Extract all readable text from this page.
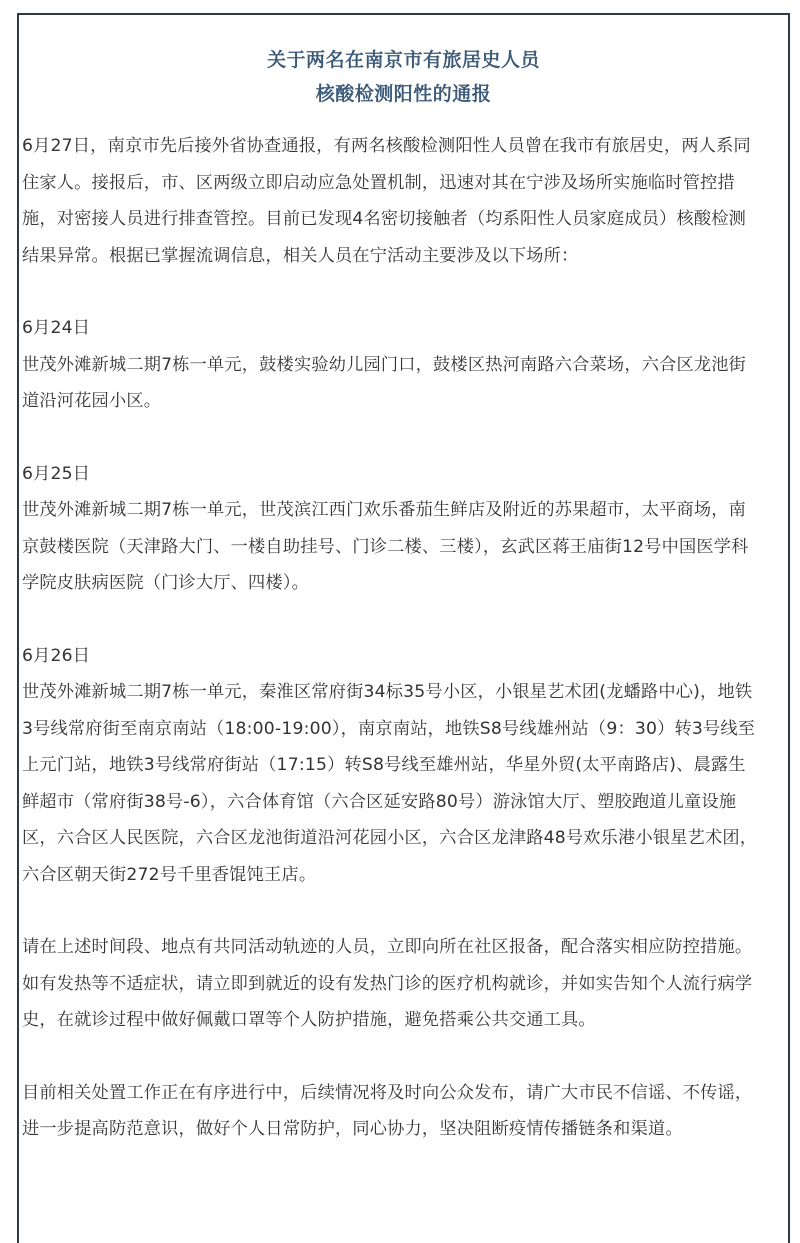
关于两名在南京市有旅居史人员
核酸检测阳性的通报

6月27日，南京市先后接外省协查通报，有两名核酸检测阳性人员曾在我市有旅居史，两人系同住家人。接报后，市、区两级立即启动应急处置机制，迅速对其在宁涉及场所实施临时管控措施，对密接人员进行排查管控。目前已发现4名密切接触者（均系阳性人员家庭成员）核酸检测结果异常。根据已掌握流调信息，相关人员在宁活动主要涉及以下场所：

6月24日

世茂外滩新城二期7栋一单元，鼓楼实验幼儿园门口，鼓楼区热河南路六合菜场，六合区龙池街道沿河花园小区。

6月25日

世茂外滩新城二期7栋一单元，世茂滨江西门欢乐番茄生鲜店及附近的苏果超市，太平商场，南京鼓楼医院（天津路大门、一楼自助挂号、门诊二楼、三楼），玄武区蒋王庙街12号中国医学科学院皮肤病医院（门诊大厅、四楼）。

6月26日

世茂外滩新城二期7栋一单元，秦淮区常府街34标35号小区，小银星艺术团(龙蟠路中心)，地铁3号线常府街至南京南站（18:00-19:00），南京南站，地铁S8号线雄州站（9：30）转3号线至上元门站，地铁3号线常府街站（17:15）转S8号线至雄州站，华星外贸(太平南路店)、晨露生鲜超市（常府街38号-6），六合体育馆（六合区延安路80号）游泳馆大厅、塑胶跑道儿童设施区，六合区人民医院，六合区龙池街道沿河花园小区，六合区龙津路48号欢乐港小银星艺术团，六合区朝天街272号千里香馄饨王店。

请在上述时间段、地点有共同活动轨迹的人员，立即向所在社区报备，配合落实相应防控措施。如有发热等不适症状，请立即到就近的设有发热门诊的医疗机构就诊，并如实告知个人流行病学史，在就诊过程中做好佩戴口罩等个人防护措施，避免搭乘公共交通工具。

目前相关处置工作正在有序进行中，后续情况将及时向公众发布，请广大市民不信谣、不传谣，进一步提高防范意识，做好个人日常防护，同心协力，坚决阻断疫情传播链条和渠道。
